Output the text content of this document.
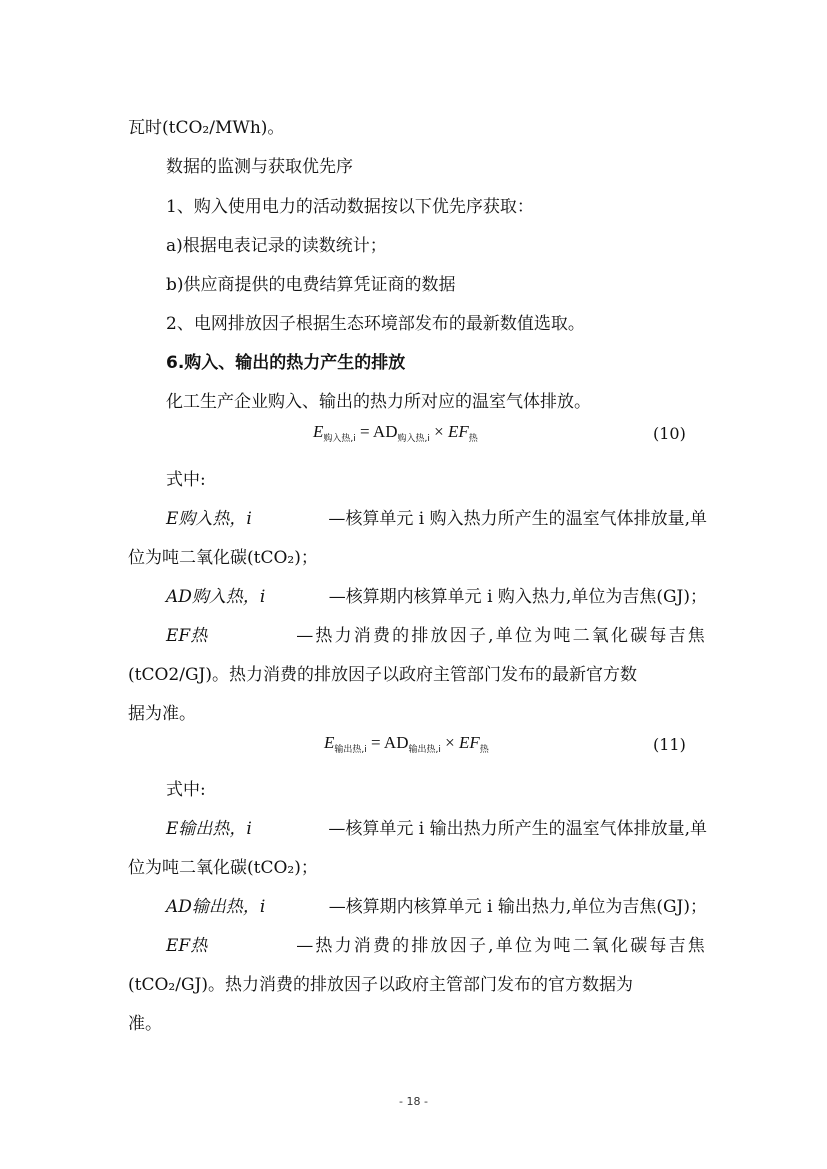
瓦时(tCO₂/MWh)。
数据的监测与获取优先序
1、购入使用电力的活动数据按以下优先序获取：
a)根据电表记录的读数统计；
b)供应商提供的电费结算凭证商的数据
2、电网排放因子根据生态环境部发布的最新数值选取。
6.购入、输出的热力产生的排放
化工生产企业购入、输出的热力所对应的温室气体排放。
$E_{购入热,i} = AD_{购入热,i} \times EF_热$	(10)
式中:
E购入热，i	—核算单元 i 购入热力所产生的温室气体排放量,单
位为吨二氧化碳(tCO₂)；
AD购入热，i	—核算期内核算单元 i 购入热力,单位为吉焦(GJ)；
EF热	—热力消费的排放因子,单位为吨二氧化碳每吉焦
(tCO2/GJ)。热力消费的排放因子以政府主管部门发布的最新官方数
据为准。
$E_{输出热,i} = AD_{输出热,i} \times EF_热$	(11)
式中:
E输出热，i	—核算单元 i 输出热力所产生的温室气体排放量,单
位为吨二氧化碳(tCO₂)；
AD输出热，i	—核算期内核算单元 i 输出热力,单位为吉焦(GJ)；
EF热	—热力消费的排放因子,单位为吨二氧化碳每吉焦
(tCO₂/GJ)。热力消费的排放因子以政府主管部门发布的官方数据为
准。
- 18 -
